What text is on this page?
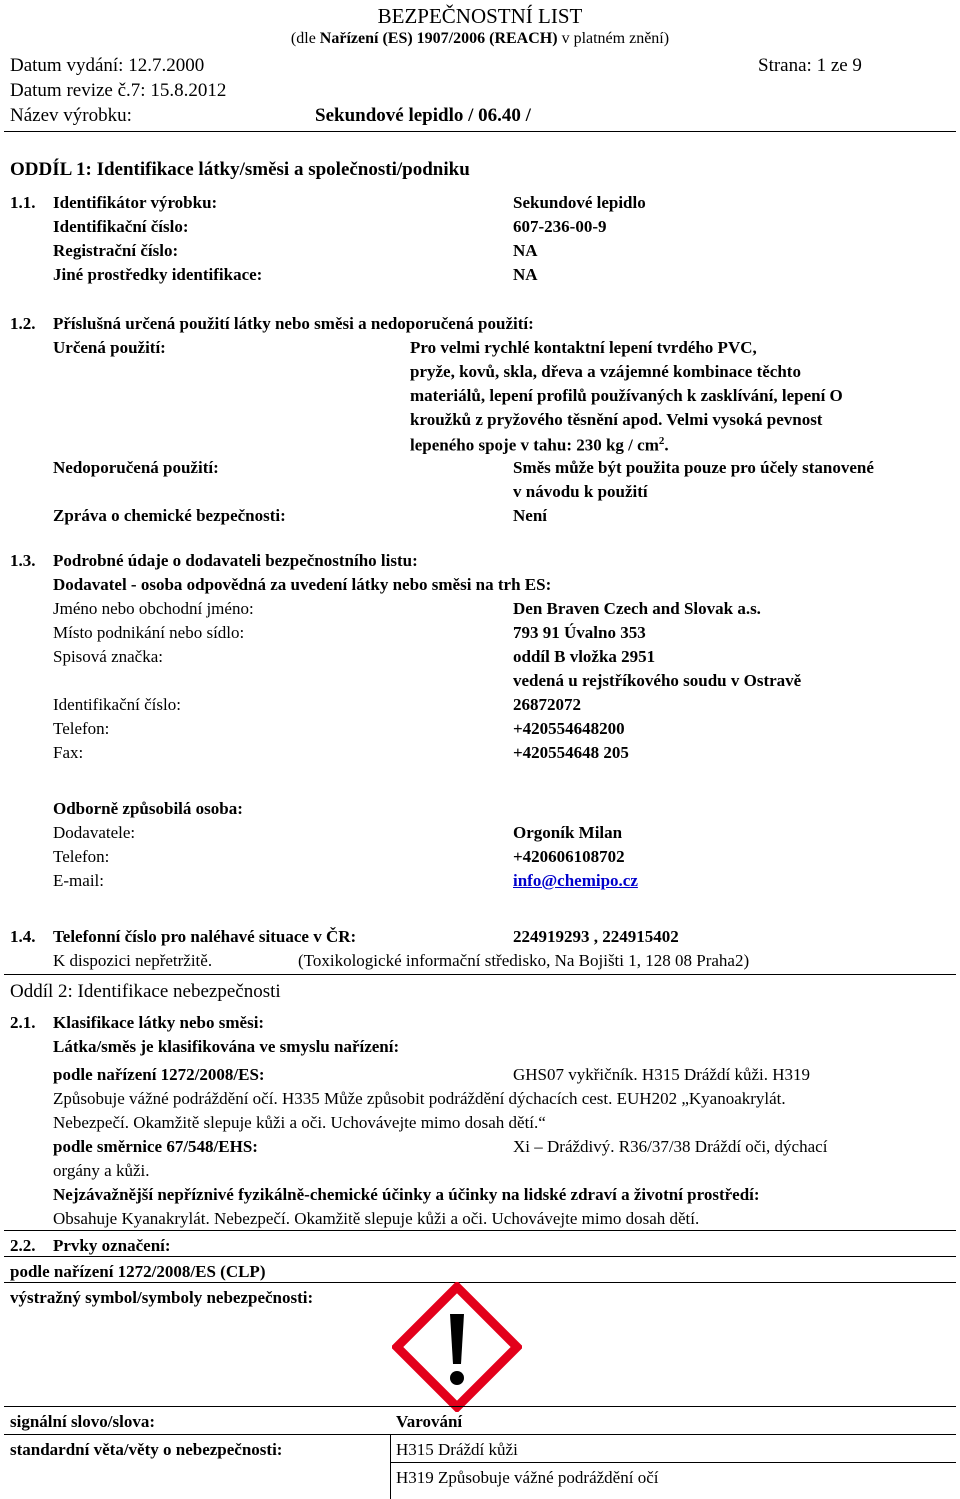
BEZPEČNOSTNÍ LIST
(dle Nařízení (ES) 1907/2006 (REACH) v platném znění)
Datum vydání: 12.7.2000	Strana: 1 ze 9
Datum revize č.7: 15.8.2012
Název výrobku:	Sekundové lepidlo / 06.40 /
ODDÍL 1: Identifikace látky/směsi a společnosti/podniku
1.1. Identifikátor výrobku:	Sekundové lepidlo
Identifikační číslo:	607-236-00-9
Registrační číslo:	NA
Jiné prostředky identifikace:	NA
1.2. Příslušná určená použití látky nebo směsi a nedoporučená použití:
Určená použití:	Pro velmi rychlé kontaktní lepení tvrdého PVC,
pryže, kovů, skla, dřeva a vzájemné kombinace těchto
materiálů, lepení profilů používaných k zasklívání, lepení O
kroužků z pryžového těsnění apod. Velmi vysoká pevnost
lepeného spoje v tahu: 230 kg / $cm^2$.
Nedoporučená použití:	Směs může být použita pouze pro účely stanovené
v návodu k použití
Zpráva o chemické bezpečnosti:	Není
1.3. Podrobné údaje o dodavateli bezpečnostního listu:
Dodavatel - osoba odpovědná za uvedení látky nebo směsi na trh ES:
Jméno nebo obchodní jméno:	Den Braven Czech and Slovak a.s.
Místo podnikání nebo sídlo:	793 91 Úvalno 353
Spisová značka:	oddíl B vložka 2951
vedená u rejstříkového soudu v Ostravě
Identifikační číslo:	26872072
Telefon:	+420554648200
Fax:	+420554648 205
Odborně způsobilá osoba:
Dodavatele:	Orgoník Milan
Telefon:	+420606108702
E-mail:	info@chemipo.cz
1.4. Telefonní číslo pro naléhavé situace v ČR:	224919293 , 224915402
K dispozici nepřetržitě.	(Toxikologické informační středisko, Na Bojišti 1, 128 08 Praha2)
Oddíl 2: Identifikace nebezpečnosti
2.1. Klasifikace látky nebo směsi:
Látka/směs je klasifikována ve smyslu nařízení:
podle nařízení 1272/2008/ES:	GHS07 vykřičník. H315 Dráždí kůži. H319
Způsobuje vážné podráždění očí. H335 Může způsobit podráždění dýchacích cest. EUH202 „Kyanoakrylát.
Nebezpečí. Okamžitě slepuje kůži a oči. Uchovávejte mimo dosah dětí.“
podle směrnice 67/548/EHS:	Xi – Dráždivý. R36/37/38 Dráždí oči, dýchací
orgány a kůži.
Nejzávažnější nepříznivé fyzikálně-chemické účinky a účinky na lidské zdraví a životní prostředí:
Obsahuje Kyanakrylát. Nebezpečí. Okamžitě slepuje kůži a oči. Uchovávejte mimo dosah dětí.
2.2. Prvky označení:
podle nařízení 1272/2008/ES (CLP)
výstražný symbol/symboly nebezpečnosti:
signální slovo/slova:	Varování
standardní věta/věty o nebezpečnosti:	H315 Dráždí kůži
H319 Způsobuje vážné podráždění očí
